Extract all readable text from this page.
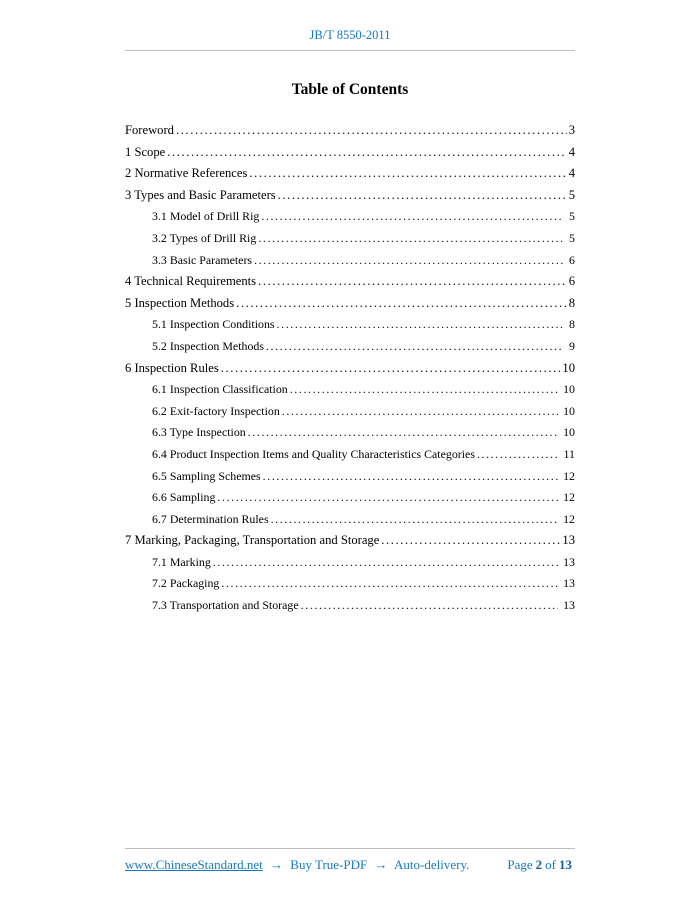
JB/T 8550-2011
Table of Contents
Foreword .....	3
1 Scope .....	4
2 Normative References .....	4
3 Types and Basic Parameters .....	5
3.1 Model of Drill Rig .....	5
3.2 Types of Drill Rig .....	5
3.3 Basic Parameters .....	6
4 Technical Requirements .....	6
5 Inspection Methods .....	8
5.1 Inspection Conditions .....	8
5.2 Inspection Methods .....	9
6 Inspection Rules .....	10
6.1 Inspection Classification .....	10
6.2 Exit-factory Inspection .....	10
6.3 Type Inspection .....	10
6.4 Product Inspection Items and Quality Characteristics Categories .....	11
6.5 Sampling Schemes .....	12
6.6 Sampling .....	12
6.7 Determination Rules .....	12
7 Marking, Packaging, Transportation and Storage .....	13
7.1 Marking .....	13
7.2 Packaging .....	13
7.3 Transportation and Storage .....	13
www.ChineseStandard.net → Buy True-PDF → Auto-delivery.	Page 2 of 13
